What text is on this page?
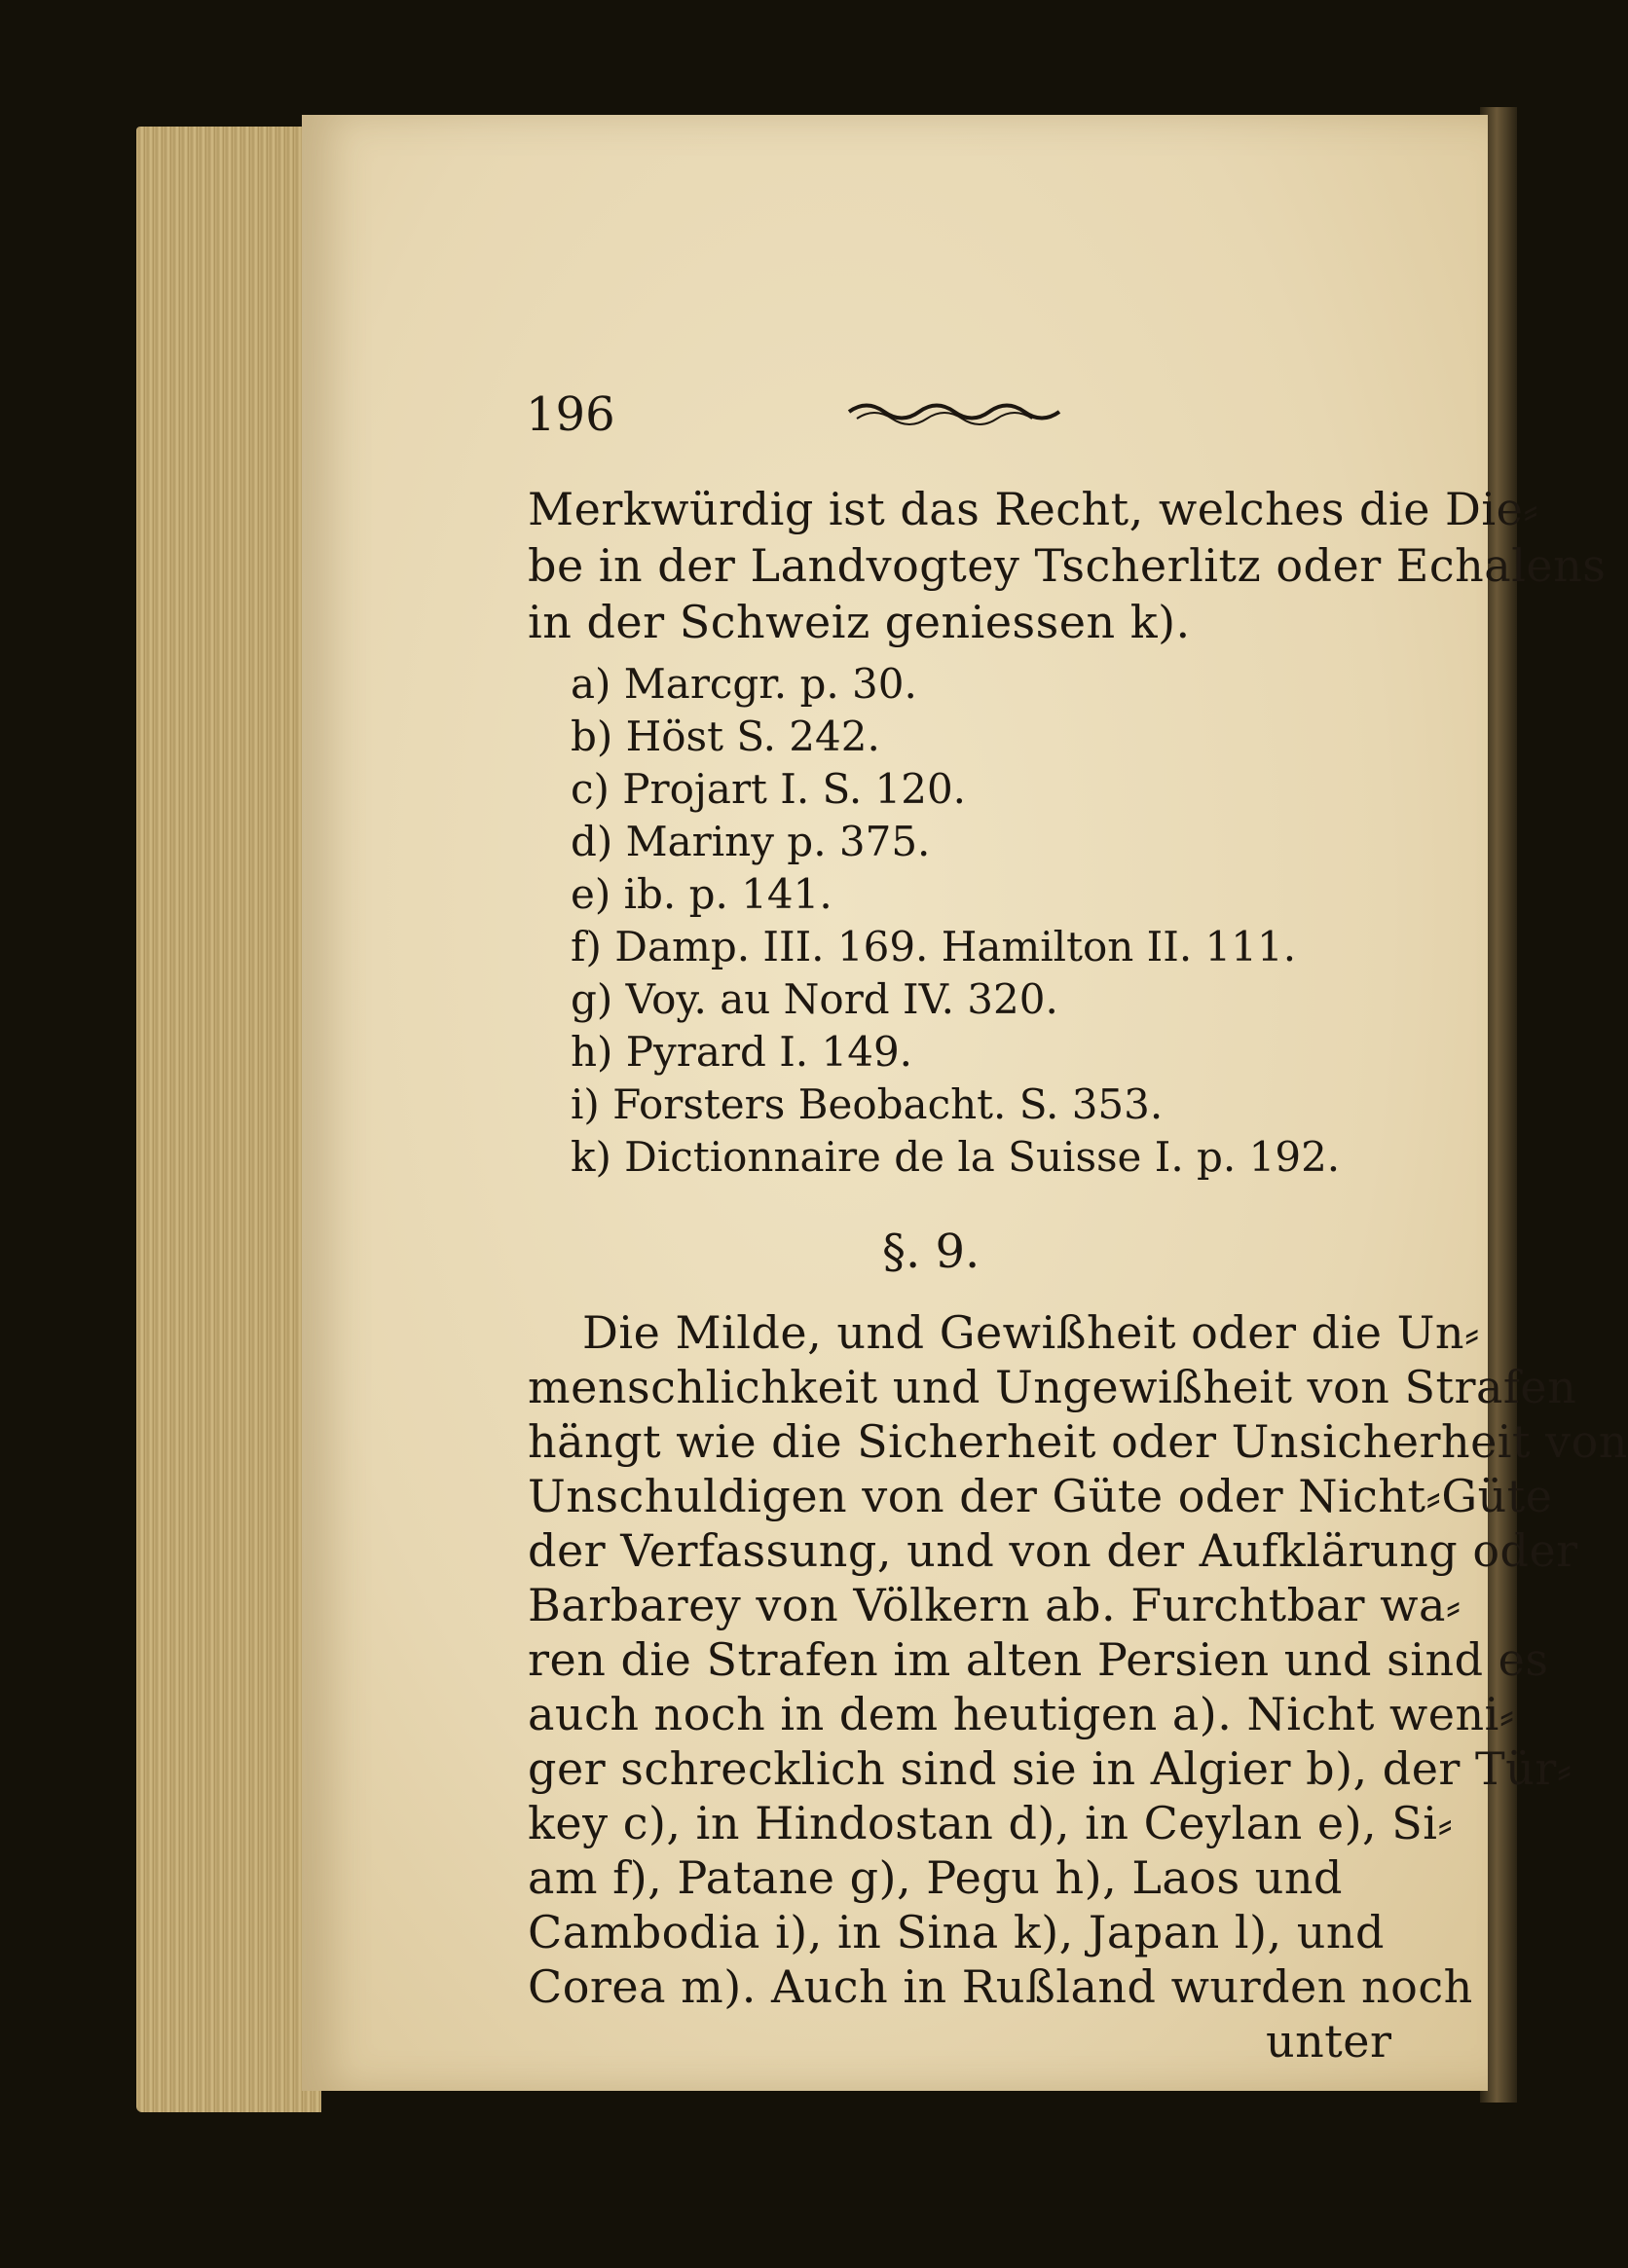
196
Merkwürdig ist das Recht, welches die Die⸗
be in der Landvogtey Tscherlitz oder Echalens
in der Schweiz geniessen k).
a) Marcgr. p. 30.
b) Höst S. 242.
c) Projart I. S. 120.
d) Mariny p. 375.
e) ib. p. 141.
f) Damp. III. 169. Hamilton II. 111.
g) Voy. au Nord IV. 320.
h) Pyrard I. 149.
i) Forsters Beobacht. S. 353.
k) Dictionnaire de la Suisse I. p. 192.
§. 9.
Die Milde, und Gewißheit oder die Un⸗
menschlichkeit und Ungewißheit von Strafen
hängt wie die Sicherheit oder Unsicherheit von
Unschuldigen von der Güte oder Nicht⸗Güte
der Verfassung, und von der Aufklärung oder
Barbarey von Völkern ab. Furchtbar wa⸗
ren die Strafen im alten Persien und sind es
auch noch in dem heutigen a). Nicht weni⸗
ger schrecklich sind sie in Algier b), der Tür⸗
key c), in Hindostan d), in Ceylan e), Si⸗
am f), Patane g), Pegu h), Laos und
Cambodia i), in Sina k), Japan l), und
Corea m). Auch in Rußland wurden noch
unter
